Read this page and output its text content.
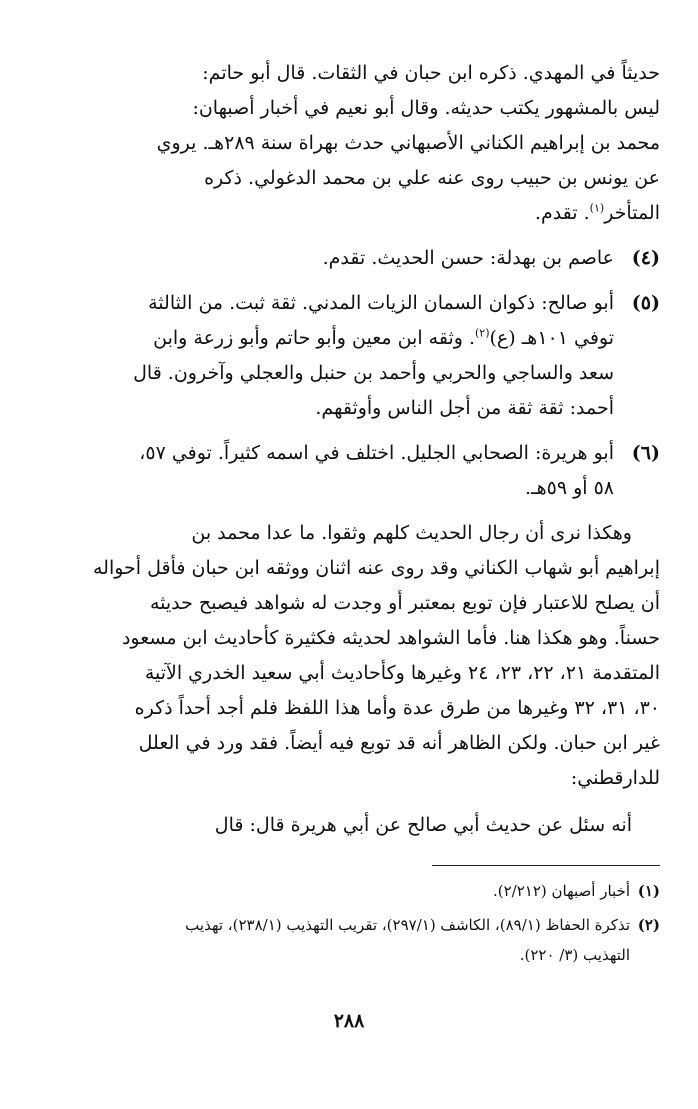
حديثاً في المهدي. ذكره ابن حبان في الثقات. قال أبو حاتم:
ليس بالمشهور يكتب حديثه. وقال أبو نعيم في أخبار أصبهان:
محمد بن إبراهيم الكناني الأصبهاني حدث بهراة سنة ٢٨٩هـ. يروي
عن يونس بن حبيب روى عنه علي بن محمد الدغولي. ذكره
المتأخر$^{(١)}$. تقدم.
(٤)
عاصم بن بهدلة: حسن الحديث. تقدم.
(٥)
أبو صالح: ذكوان السمان الزيات المدني. ثقة ثبت. من الثالثة
توفي ١٠١هـ (ع)$^{(٢)}$. وثقه ابن معين وأبو حاتم وأبو زرعة وابن
سعد والساجي والحربي وأحمد بن حنبل والعجلي وآخرون. قال
أحمد: ثقة ثقة من أجل الناس وأوثقهم.
(٦)
أبو هريرة: الصحابي الجليل. اختلف في اسمه كثيراً. توفي ٥٧،
٥٨ أو ٥٩هـ.
وهكذا نرى أن رجال الحديث كلهم وثقوا. ما عدا محمد بن
إبراهيم أبو شهاب الكناني وقد روى عنه اثنان ووثقه ابن حبان فأقل أحواله
أن يصلح للاعتبار فإن توبع بمعتبر أو وجدت له شواهد فيصبح حديثه
حسناً. وهو هكذا هنا. فأما الشواهد لحديثه فكثيرة كأحاديث ابن مسعود
المتقدمة ٢١، ٢٢، ٢٣، ٢٤ وغيرها وكأحاديث أبي سعيد الخدري الآتية
٣٠، ٣١، ٣٢ وغيرها من طرق عدة وأما هذا اللفظ فلم أجد أحداً ذكره
غير ابن حبان. ولكن الظاهر أنه قد توبع فيه أيضاً. فقد ورد في العلل
للدارقطني:
أنه سئل عن حديث أبي صالح عن أبي هريرة قال: قال
(١)
أخبار أصبهان (٢/٢١٢).
(٢)
تذكرة الحفاظ (٨٩/١)، الكاشف (٢٩٧/١)، تقريب التهذيب (٢٣٨/١)، تهذيب
التهذيب (٣/ ٢٢٠).
٢٨٨
